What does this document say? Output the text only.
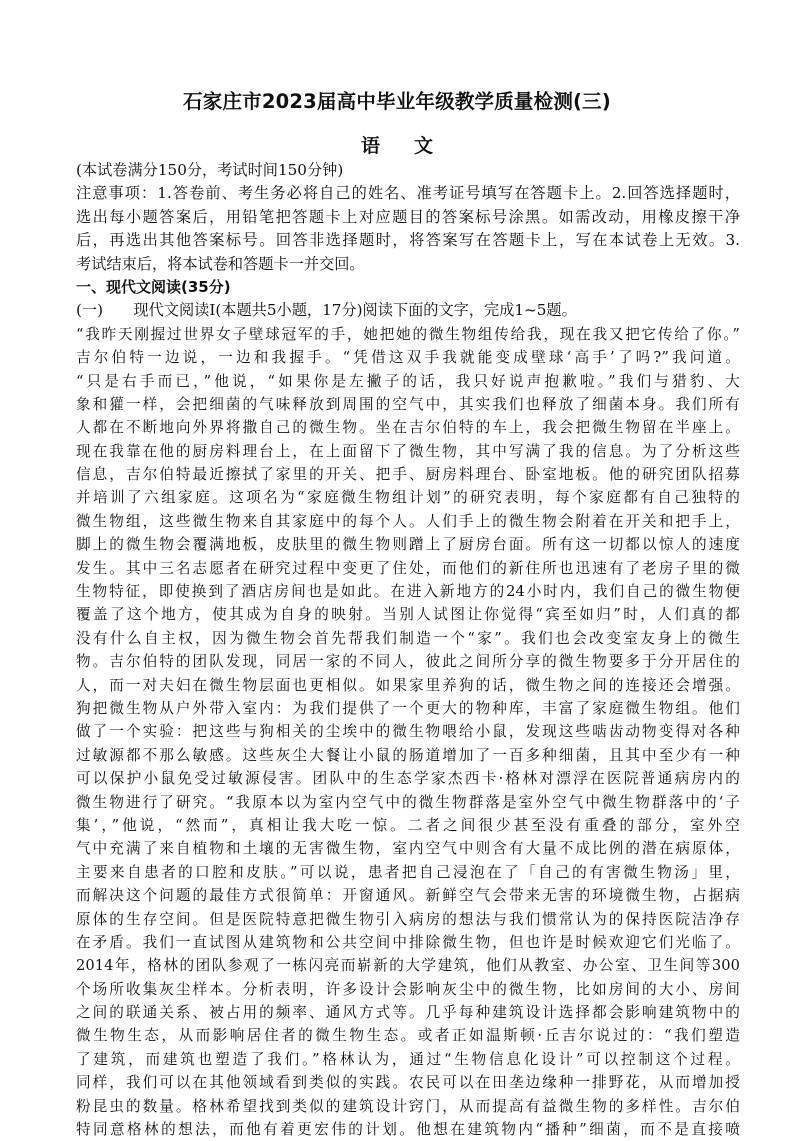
石家庄市2023届高中毕业年级教学质量检测(三)
语文
(本试卷满分150分，考试时间150分钟)
注意事项：1.答卷前、考生务必将自己的姓名、准考证号填写在答题卡上。2.回答选择题时，
选出每小题答案后，用铅笔把答题卡上对应题目的答案标号涂黑。如需改动，用橡皮擦干净
后，再选出其他答案标号。回答非选择题时，将答案写在答题卡上，写在本试卷上无效。3.
考试结束后，将本试卷和答题卡一并交回。
一、现代文阅读(35分)
(一)　　现代文阅读Ⅰ(本题共5小题，17分)阅读下面的文字，完成1~5题。
“我昨天刚握过世界女子壁球冠军的手，她把她的微生物组传给我，现在我又把它传给了你。”
吉尔伯特一边说，一边和我握手。“凭借这双手我就能变成壁球‘高手’了吗?”我问道。
“只是右手而已，”他说，“如果你是左撇子的话，我只好说声抱歉啦。”我们与猎豹、大
象和獾一样，会把细菌的气味释放到周围的空气中，其实我们也释放了细菌本身。我们所有
人都在不断地向外界将撒自己的微生物。坐在吉尔伯特的车上，我会把微生物留在半座上。
现在我靠在他的厨房料理台上，在上面留下了微生物，其中写满了我的信息。为了分析这些
信息，吉尔伯特最近擦拭了家里的开关、把手、厨房料理台、卧室地板。他的研究团队招募
并培训了六组家庭。这项名为“家庭微生物组计划”的研究表明，每个家庭都有自己独特的
微生物组，这些微生物来自其家庭中的每个人。人们手上的微生物会附着在开关和把手上，
脚上的微生物会覆满地板，皮肤里的微生物则蹭上了厨房台面。所有这一切都以惊人的速度
发生。其中三名志愿者在研究过程中变更了住处，而他们的新住所也迅速有了老房子里的微
生物特征，即使换到了酒店房间也是如此。在进入新地方的24小时内，我们自己的微生物便
覆盖了这个地方，使其成为自身的映射。当别人试图让你觉得“宾至如归”时，人们真的都
没有什么自主权，因为微生物会首先帮我们制造一个“家”。我们也会改变室友身上的微生
物。吉尔伯特的团队发现，同居一家的不同人，彼此之间所分享的微生物要多于分开居住的
人，而一对夫妇在微生物层面也更相似。如果家里养狗的话，微生物之间的连接还会增强。
狗把微生物从户外带入室内：为我们提供了一个更大的物种库，丰富了家庭微生物组。他们
做了一个实验：把这些与狗相关的尘埃中的微生物喂给小鼠，发现这些啮齿动物变得对各种
过敏源都不那么敏感。这些灰尘大餐让小鼠的肠道增加了一百多种细菌，且其中至少有一种
可以保护小鼠免受过敏源侵害。团队中的生态学家杰西卡·格林对漂浮在医院普通病房内的
微生物进行了研究。“我原本以为室内空气中的微生物群落是室外空气中微生物群落中的‘子
集’，”他说，“然而”，真相让我大吃一惊。二者之间很少甚至没有重叠的部分，室外空
气中充满了来自植物和土壤的无害微生物，室内空气中则含有大量不成比例的潜在病原体，
主要来自患者的口腔和皮肤。”可以说，患者把自己浸泡在了「自己的有害微生物汤」里，
而解决这个问题的最佳方式很简单：开窗通风。新鲜空气会带来无害的环境微生物，占据病
原体的生存空间。但是医院特意把微生物引入病房的想法与我们惯常认为的保持医院洁净存
在矛盾。我们一直试图从建筑物和公共空间中排除微生物，但也许是时候欢迎它们光临了。
2014年，格林的团队参观了一栋闪亮而崭新的大学建筑，他们从教室、办公室、卫生间等300
个场所收集灰尘样本。分析表明，许多设计会影响灰尘中的微生物，比如房间的大小、房间
之间的联通关系、被占用的频率、通风方式等。几乎每种建筑设计选择都会影响建筑物中的
微生物生态，从而影响居住者的微生物生态。或者正如温斯顿·丘吉尔说过的：“我们塑造
了建筑，而建筑也塑造了我们。”格林认为，通过“生物信息化设计”可以控制这个过程。
同样，我们可以在其他领域看到类似的实践。农民可以在田垄边缘种一排野花，从而增加授
粉昆虫的数量。格林希望找到类似的建筑设计窍门，从而提高有益微生物的多样性。吉尔伯
特同意格林的想法，而他有着更宏伟的计划。他想在建筑物内“播种”细菌，而不是直接喷
